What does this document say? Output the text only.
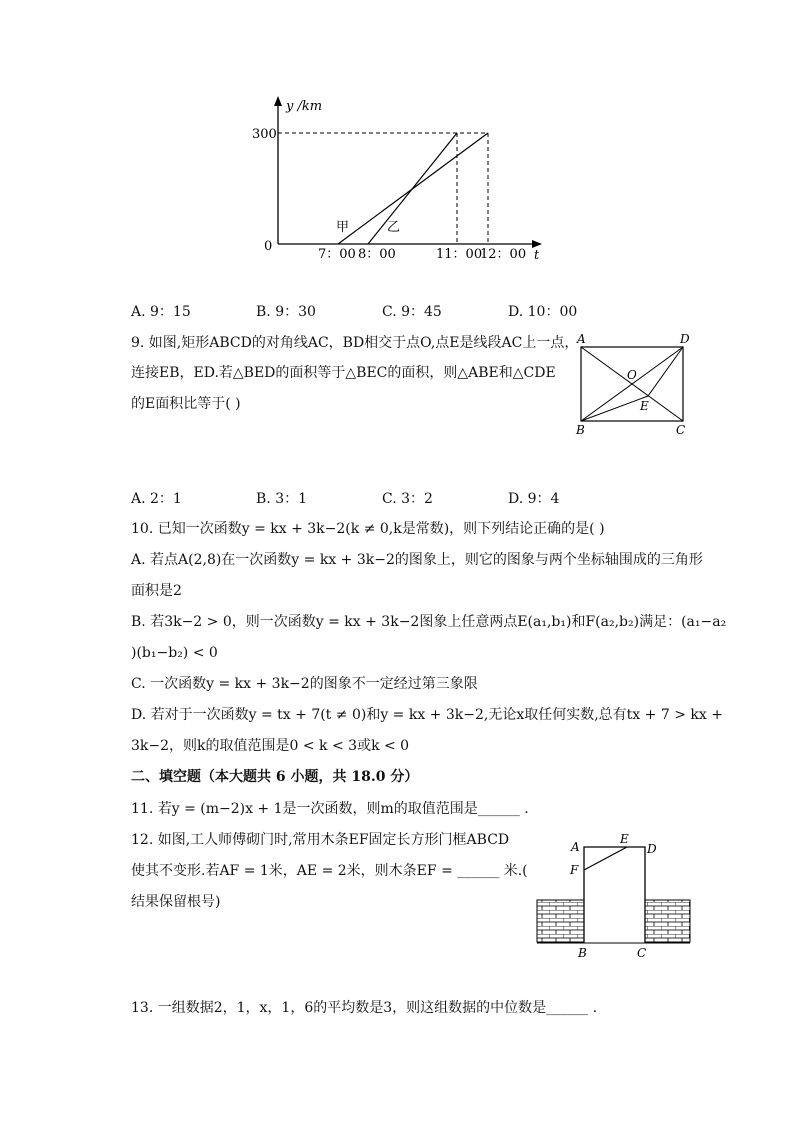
y /km
300
0
t
7：00 8：00	11：00
12：00
甲	乙
A. 9：15	B. 9：30	C. 9：45	D. 10：00
9. 如图,矩形ABCD的对角线AC，BD相交于点O,点E是线段AC上一点，
连接EB，ED.若△BED的面积等于△BEC的面积，则△ABE和△CDE
的E面积比等于( )
A	D
O
E
B	C
A. 2：1	B. 3：1	C. 3：2	D. 9：4
10. 已知一次函数y = kx + 3k−2(k ≠ 0,k是常数)，则下列结论正确的是( )
A. 若点A(2,8)在一次函数y = kx + 3k−2的图象上，则它的图象与两个坐标轴围成的三角形
面积是2
B. 若3k−2 > 0，则一次函数y = kx + 3k−2图象上任意两点E(a₁,b₁)和F(a₂,b₂)满足：(a₁−a₂
)(b₁−b₂) < 0
C. 一次函数y = kx + 3k−2的图象不一定经过第三象限
D. 若对于一次函数y = tx + 7(t ≠ 0)和y = kx + 3k−2,无论x取任何实数,总有tx + 7 > kx +
3k−2，则k的取值范围是0 < k < 3或k < 0
二、填空题（本大题共 6 小题，共 18.0 分）
11. 若y = (m−2)x + 1是一次函数，则m的取值范围是______ .
12. 如图,工人师傅砌门时,常用木条EF固定长方形门框ABCD
使其不变形.若AF = 1米，AE = 2米，则木条EF = ______ 米.(
结果保留根号)
A
E
D
F
B	C
13. 一组数据2，1，x，1，6的平均数是3，则这组数据的中位数是______ .
